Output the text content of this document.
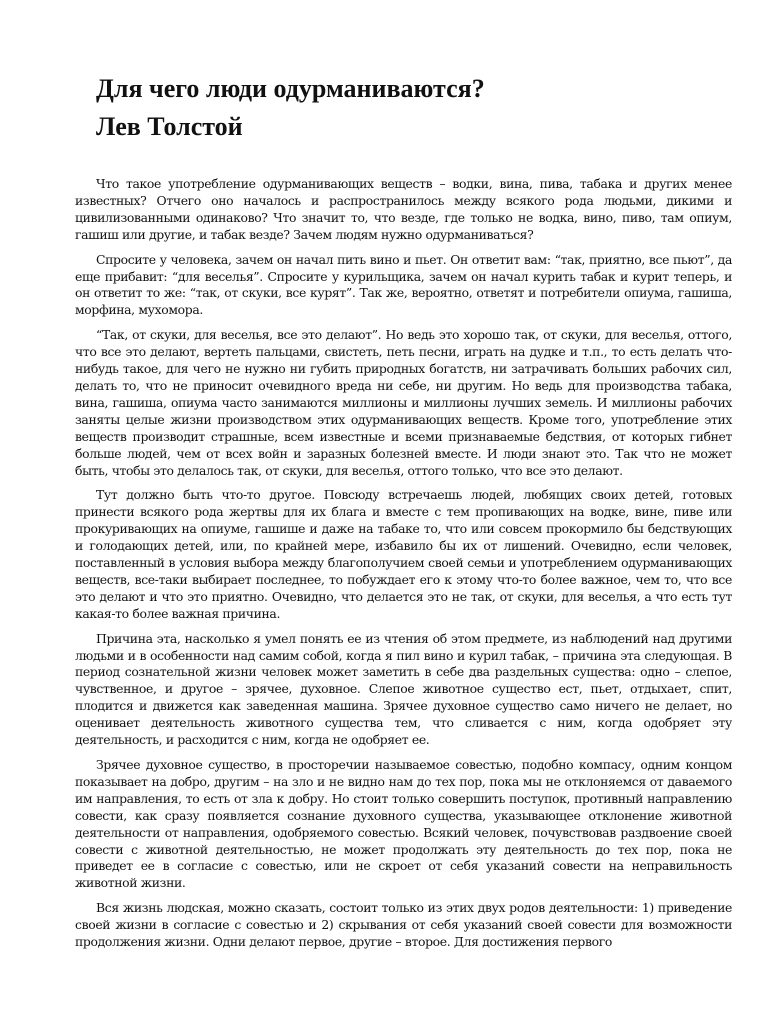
Для чего люди одурманиваются?
Лев Толстой

Что такое употребление одурманивающих веществ – водки, вина, пива, табака и других менее известных? Отчего оно началось и распространилось между всякого рода людьми, дикими и цивилизованными одинаково? Что значит то, что везде, где только не водка, вино, пиво, там опиум, гашиш или другие, и табак везде? Зачем людям нужно одурманиваться?

Спросите у человека, зачем он начал пить вино и пьет. Он ответит вам: “так, приятно, все пьют”, да еще прибавит: “для веселья”. Спросите у курильщика, зачем он начал курить табак и курит теперь, и он ответит то же: “так, от скуки, все курят”. Так же, вероятно, ответят и потребители опиума, гашиша, морфина, мухомора.

“Так, от скуки, для веселья, все это делают”. Но ведь это хорошо так, от скуки, для веселья, оттого, что все это делают, вертеть пальцами, свистеть, петь песни, играть на дудке и т.п., то есть делать что-нибудь такое, для чего не нужно ни губить природных богатств, ни затрачивать больших рабочих сил, делать то, что не приносит очевидного вреда ни себе, ни другим. Но ведь для производства табака, вина, гашиша, опиума часто занимаются миллионы и миллионы лучших земель. И миллионы рабочих заняты целые жизни производством этих одурманивающих веществ. Кроме того, употребление этих веществ производит страшные, всем известные и всеми признаваемые бедствия, от которых гибнет больше людей, чем от всех войн и заразных болезней вместе. И люди знают это. Так что не может быть, чтобы это делалось так, от скуки, для веселья, оттого только, что все это делают.

Тут должно быть что-то другое. Повсюду встречаешь людей, любящих своих детей, готовых принести всякого рода жертвы для их блага и вместе с тем пропивающих на водке, вине, пиве или прокуривающих на опиуме, гашише и даже на табаке то, что или совсем прокормило бы бедствующих и голодающих детей, или, по крайней мере, избавило бы их от лишений. Очевидно, если человек, поставленный в условия выбора между благополучием своей семьи и употреблением одурманивающих веществ, все-таки выбирает последнее, то побуждает его к этому что-то более важное, чем то, что все это делают и что это приятно. Очевидно, что делается это не так, от скуки, для веселья, а что есть тут какая-то более важная причина.

Причина эта, насколько я умел понять ее из чтения об этом предмете, из наблюдений над другими людьми и в особенности над самим собой, когда я пил вино и курил табак, – причина эта следующая. В период сознательной жизни человек может заметить в себе два раздельных существа: одно – слепое, чувственное, и другое – зрячее, духовное. Слепое животное существо ест, пьет, отдыхает, спит, плодится и движется как заведенная машина. Зрячее духовное существо само ничего не делает, но оценивает деятельность животного существа тем, что сливается с ним, когда одобряет эту деятельность, и расходится с ним, когда не одобряет ее.

Зрячее духовное существо, в просторечии называемое совестью, подобно компасу, одним концом показывает на добро, другим – на зло и не видно нам до тех пор, пока мы не отклоняемся от даваемого им направления, то есть от зла к добру. Но стоит только совершить поступок, противный направлению совести, как сразу появляется сознание духовного существа, указывающее отклонение животной деятельности от направления, одобряемого совестью. Всякий человек, почувствовав раздвоение своей совести с животной деятельностью, не может продолжать эту деятельность до тех пор, пока не приведет ее в согласие с совестью, или не скроет от себя указаний совести на неправильность животной жизни.

Вся жизнь людская, можно сказать, состоит только из этих двух родов деятельности: 1) приведение своей жизни в согласие с совестью и 2) скрывания от себя указаний своей совести для возможности продолжения жизни. Одни делают первое, другие – второе. Для достижения первого
